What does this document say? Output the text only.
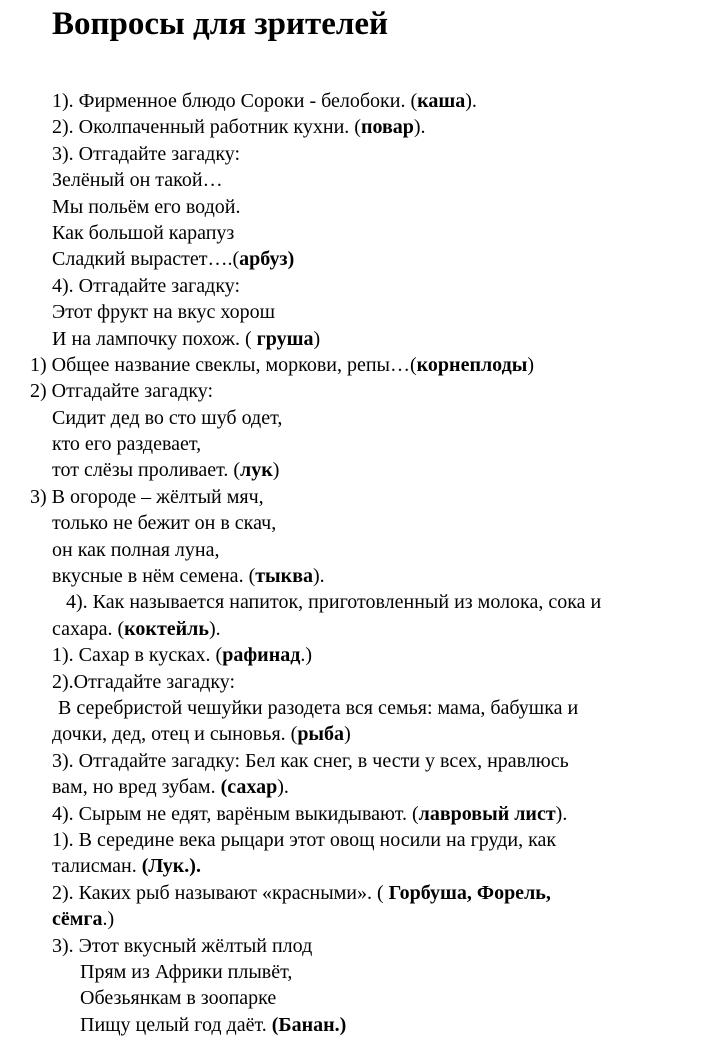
Вопросы для зрителей
1). Фирменное блюдо Сороки - белобоки. (каша).
2). Околпаченный работник кухни. (повар).
3). Отгадайте загадку:
Зелёный он такой…
Мы польём его водой.
Как большой карапуз
Сладкий вырастет….(арбуз)
4). Отгадайте загадку:
Этот фрукт на вкус хорош
И на лампочку похож. ( груша)
1) Общее название свеклы, моркови, репы…(корнеплоды)
2) Отгадайте загадку:
Сидит дед во сто шуб одет,
кто его раздевает,
тот слёзы проливает. (лук)
3) В огороде – жёлтый мяч,
только не бежит он в скач,
он как полная луна,
вкусные в нём семена. (тыква).
4). Как называется напиток, приготовленный из молока, сока и
сахара. (коктейль).
1). Сахар в кусках. (рафинад.)
2).Отгадайте загадку:
В серебристой чешуйки разодета вся семья: мама, бабушка и
дочки, дед, отец и сыновья. (рыба)
3). Отгадайте загадку: Бел как снег, в чести у всех, нравлюсь
вам, но вред зубам. (сахар).
4). Сырым не едят, варёным выкидывают. (лавровый лист).
1). В середине века рыцари этот овощ носили на груди, как
талисман. (Лук.).
2). Каких рыб называют «красными». ( Горбуша, Форель,
сёмга.)
3). Этот вкусный жёлтый плод
Прям из Африки плывёт,
Обезьянкам в зоопарке
Пищу целый год даёт. (Банан.)
